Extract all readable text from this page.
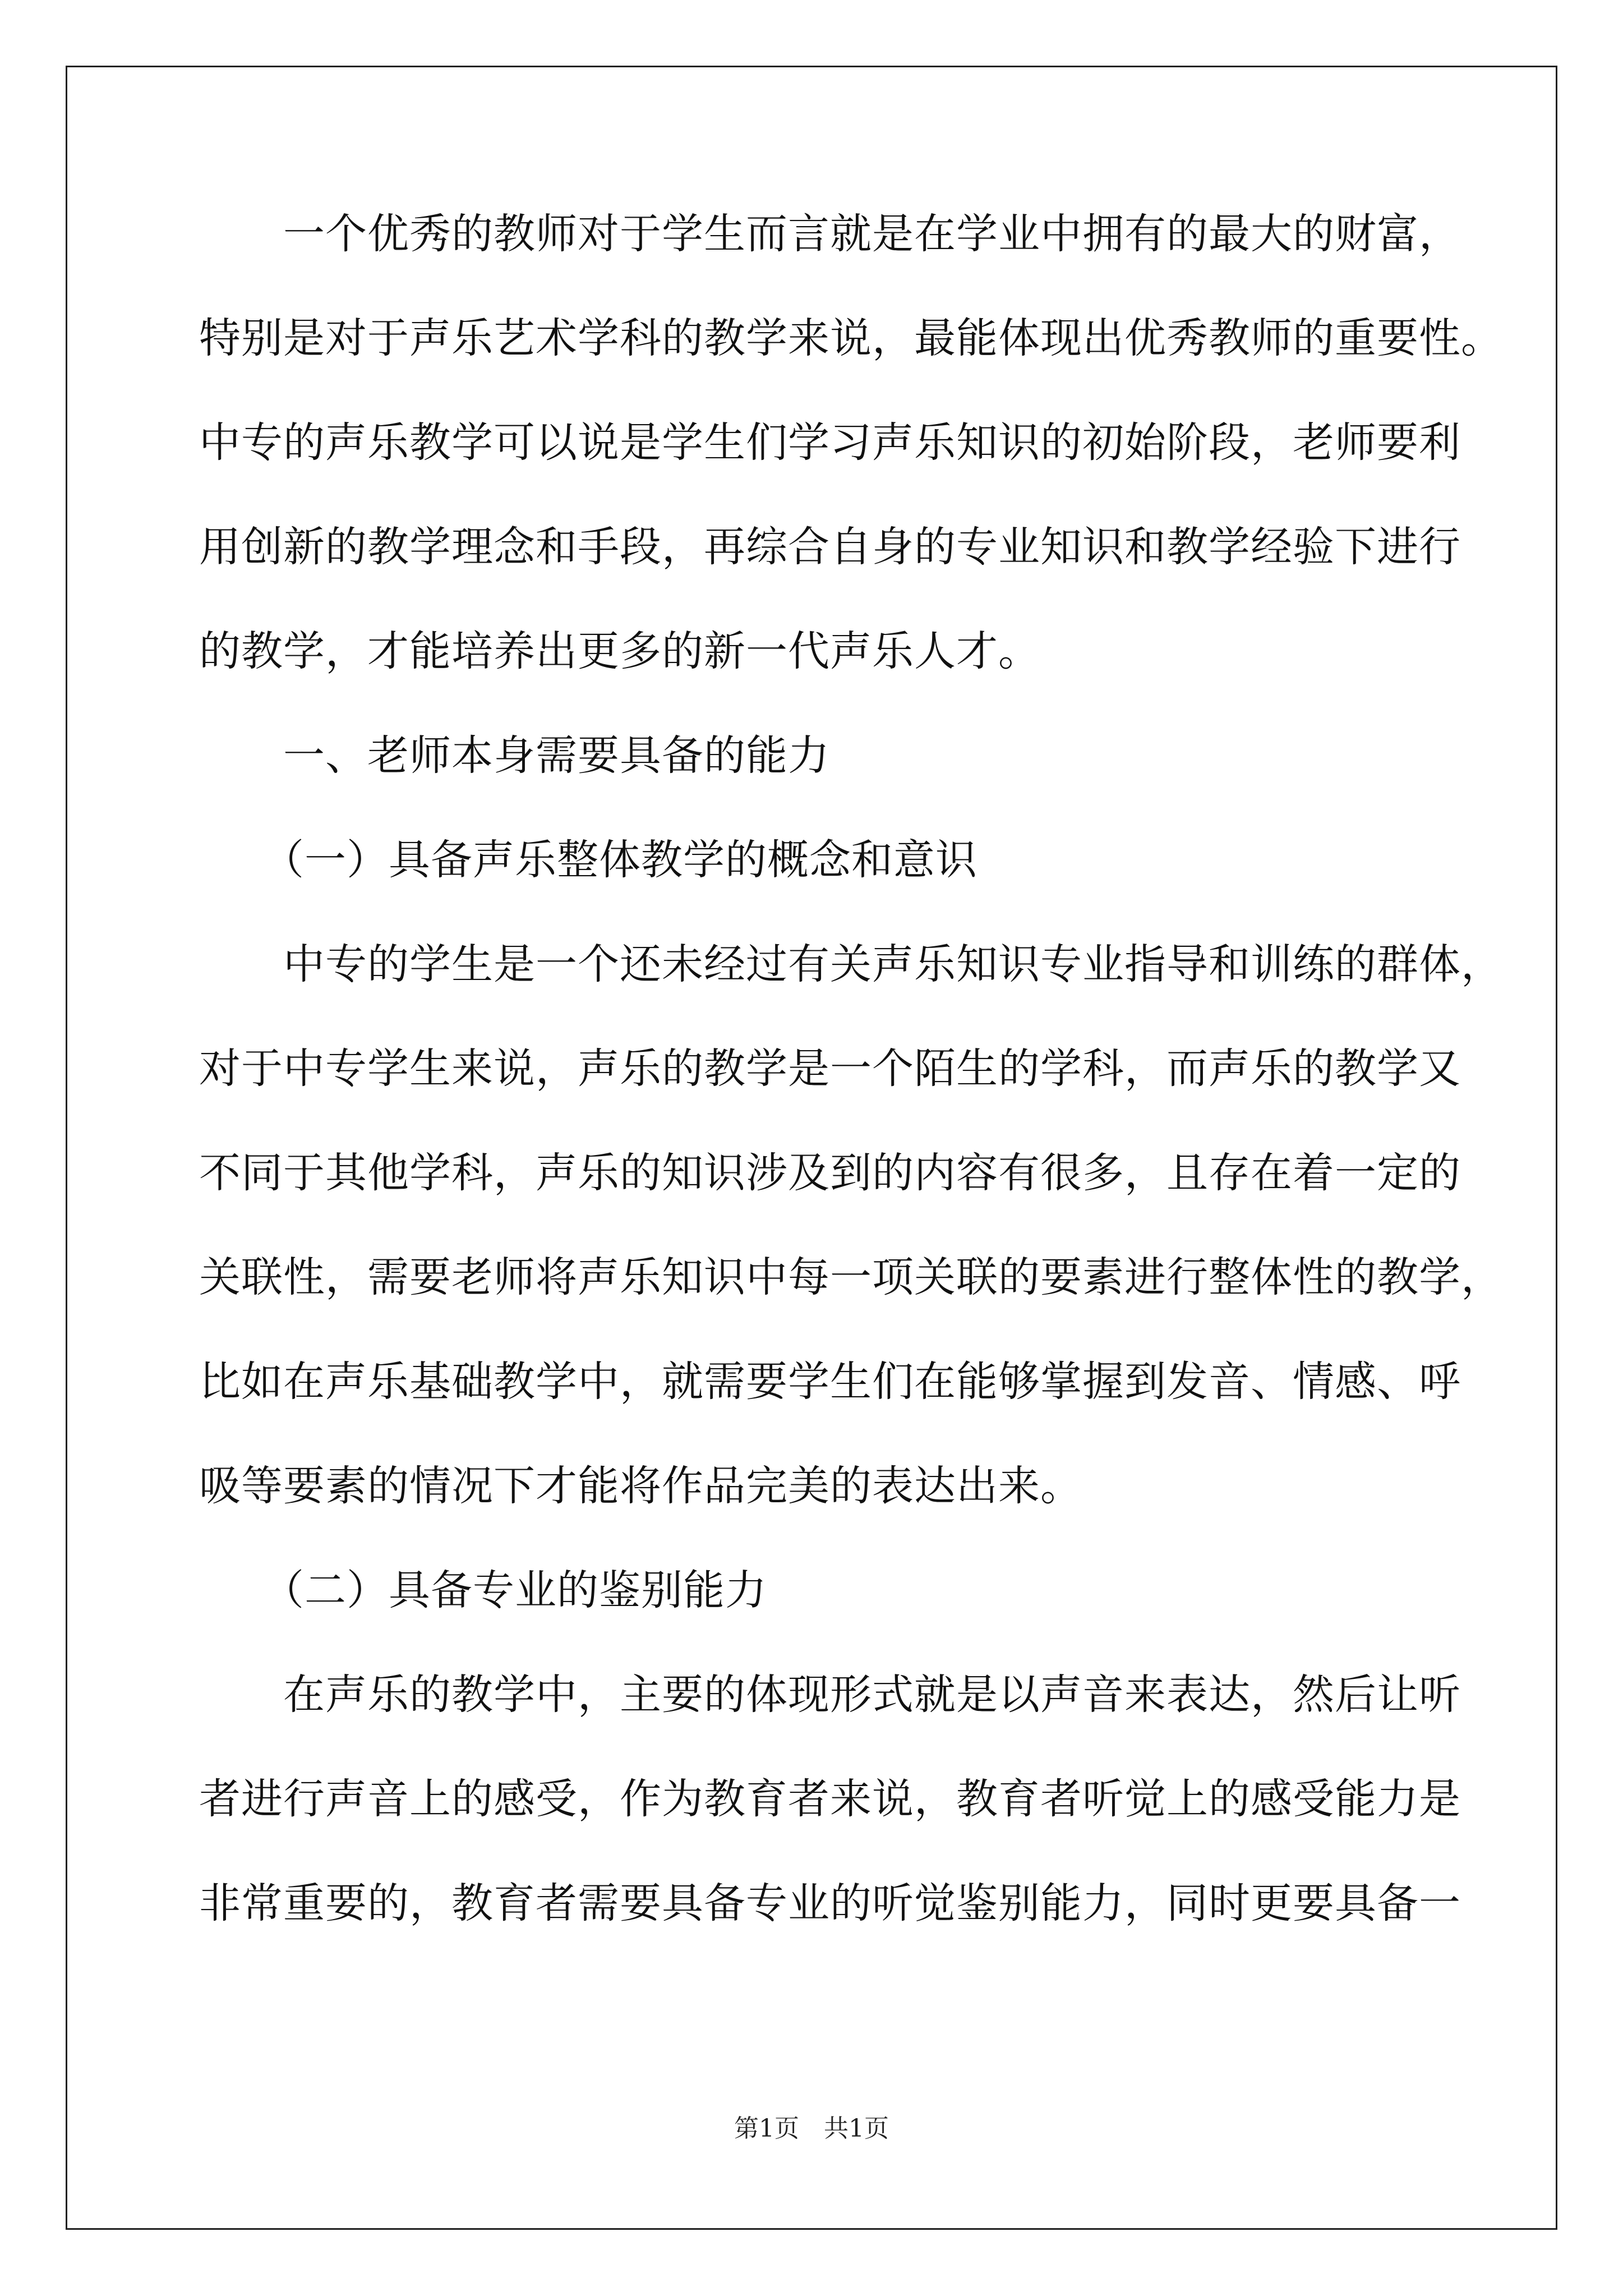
　　一个优秀的教师对于学生而言就是在学业中拥有的最大的财富，
特别是对于声乐艺术学科的教学来说，最能体现出优秀教师的重要性。
中专的声乐教学可以说是学生们学习声乐知识的初始阶段，老师要利
用创新的教学理念和手段，再综合自身的专业知识和教学经验下进行
的教学，才能培养出更多的新一代声乐人才。
　　一、老师本身需要具备的能力
　　（一）具备声乐整体教学的概念和意识
　　中专的学生是一个还未经过有关声乐知识专业指导和训练的群体，
对于中专学生来说，声乐的教学是一个陌生的学科，而声乐的教学又
不同于其他学科，声乐的知识涉及到的内容有很多，且存在着一定的
关联性，需要老师将声乐知识中每一项关联的要素进行整体性的教学，
比如在声乐基础教学中，就需要学生们在能够掌握到发音、情感、呼
吸等要素的情况下才能将作品完美的表达出来。
　　（二）具备专业的鉴别能力
　　在声乐的教学中，主要的体现形式就是以声音来表达，然后让听
者进行声音上的感受，作为教育者来说，教育者听觉上的感受能力是
非常重要的，教育者需要具备专业的听觉鉴别能力，同时更要具备一
第1页 共1页
